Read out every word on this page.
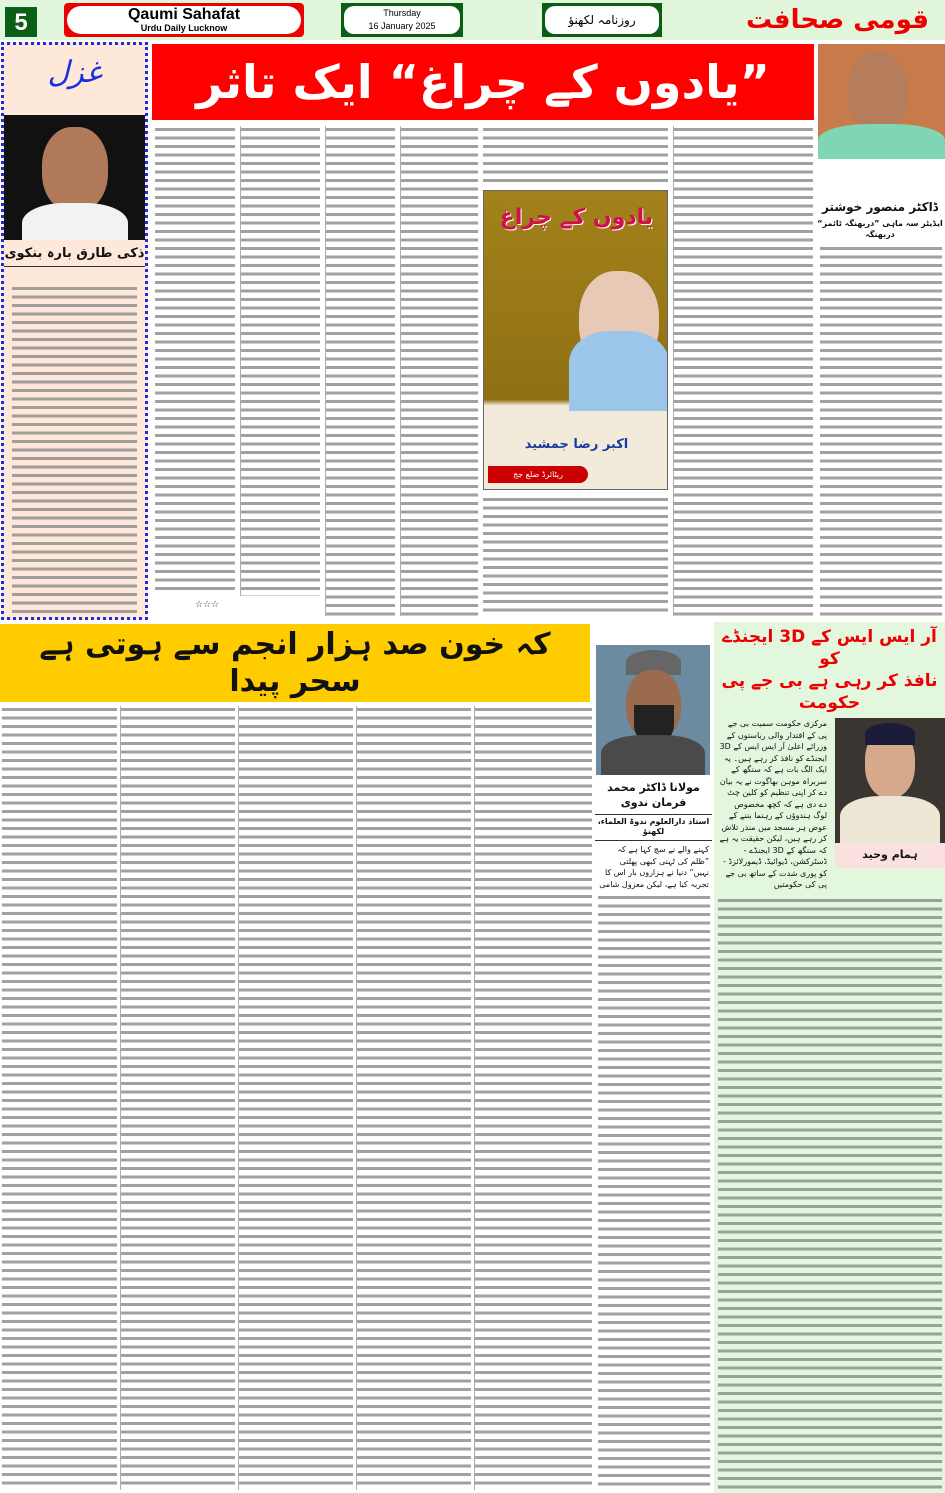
5	Qaumi Sahafat
Urdu Daily Lucknow
Thursday
16 January 2025	روزنامہ لکھنؤ	قومی صحافت
غزل
ذکی طارق بارہ بنکوی
”یادوں کے چراغ“ ایک تاثر
☆☆☆
یادوں کے چراغ
اکبر رضا جمشید
ریٹائرڈ ضلع جج
ڈاکٹر منصور خوشتر
ایڈیٹر سہ ماہی ”دربھنگہ ٹائمز“ دربھنگہ
کہ خون صد ہزار انجم سے ہوتی ہے سحر پیدا
مولانا ڈاکٹر محمد فرمان ندوی
استاذ دارالعلوم ندوۃ العلماء، لکھنؤ
کہنے والے نے سچ کہا ہے کہ ”ظلم کی ٹہنی کبھی پھلتی نہیں“ دنیا نے ہزاروں بار اس کا تجربہ کیا ہے، لیکن معزول شامی
آر ایس ایس کے 3D ایجنڈے کو
نافذ کر رہی ہے بی جے پی حکومت
مرکزی حکومت سمیت بی جے پی کے اقتدار والی ریاستوں کے وزرائے اعلیٰ آر ایس ایس کے 3D ایجنڈے کو نافذ کر رہے ہیں۔ یہ ایک الگ بات ہے کہ سنگھ کے سربراہ موہن بھاگوت نے یہ بیان دے کر اپنی تنظیم کو کلین چٹ دے دی ہے کہ کچھ مخصوص لوگ ہندوؤں کے رہنما بننے کے عوض ہر مسجد میں مندر تلاش کر رہے ہیں، لیکن حقیقت یہ ہے کہ سنگھ کے 3D ایجنڈے - ڈسٹرکشن، ڈیوائیڈ، ڈیمورلائزڈ - کو پوری شدت کے ساتھ بی جے پی کی حکومتیں
ہمام وحید
